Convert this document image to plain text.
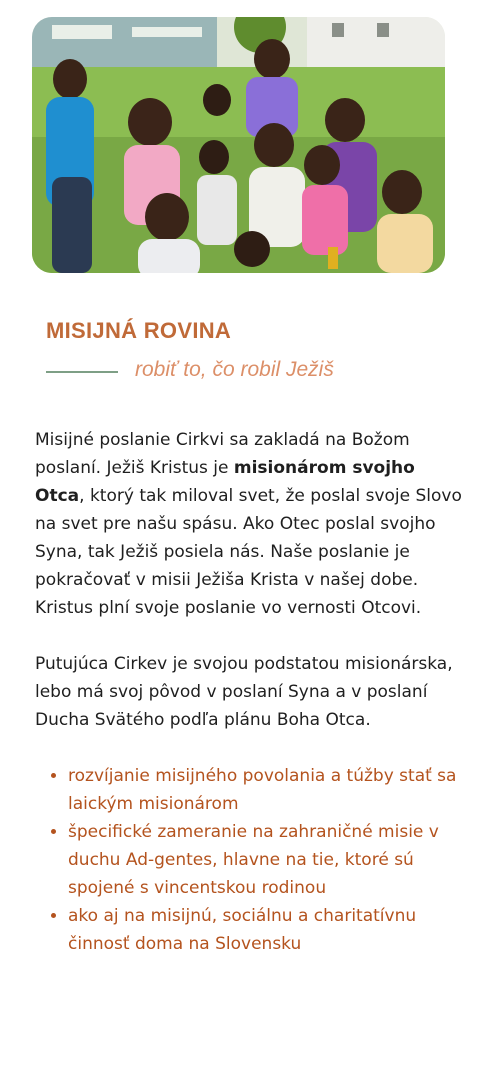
MISIJNÁ ROVINA
robiť to, čo robil Ježiš

Misijné poslanie Cirkvi sa zakladá na Božom poslaní. Ježiš Kristus je misionárom svojho Otca, ktorý tak miloval svet, že poslal svoje Slovo na svet pre našu spásu. Ako Otec poslal svojho Syna, tak Ježiš posiela nás. Naše poslanie je pokračovať v misii Ježiša Krista v našej dobe. Kristus plní svoje poslanie vo vernosti Otcovi.

Putujúca Cirkev je svojou podstatou misionárska, lebo má svoj pôvod v poslaní Syna a v poslaní Ducha Svätého podľa plánu Boha Otca.

• rozvíjanie misijného povolania a túžby stať sa laickým misionárom
• špecifické zameranie na zahraničné misie v duchu Ad-gentes, hlavne na tie, ktoré sú spojené s vincentskou rodinou
• ako aj na misijnú, sociálnu a charitatívnu činnosť doma na Slovensku
